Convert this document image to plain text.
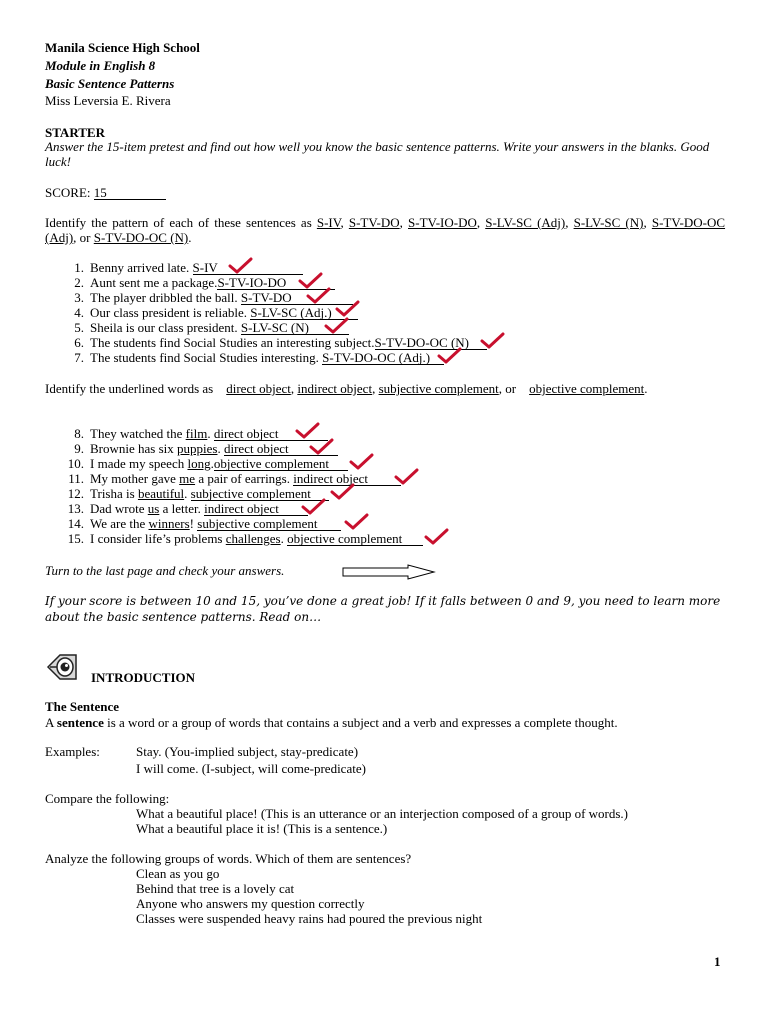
Manila Science High School
Module in English 8
Basic Sentence Patterns
Miss Leversia E. Rivera
STARTER
Answer the 15-item pretest and find out how well you know the basic sentence patterns. Write your answers in the blanks. Good luck!
SCORE: 15
Identify the pattern of each of these sentences as S-IV, S-TV-DO, S-TV-IO-DO, S-LV-SC (Adj), S-LV-SC (N), S-TV-DO-OC (Adj), or S-TV-DO-OC (N).
1. Benny arrived late. S-IV
2. Aunt sent me a package.S-TV-IO-DO
3. The player dribbled the ball. S-TV-DO
4. Our class president is reliable. S-LV-SC (Adj.)
5. Sheila is our class president. S-LV-SC (N)
6. The students find Social Studies an interesting subject.S-TV-DO-OC (N)
7. The students find Social Studies interesting. S-TV-DO-OC (Adj.)
Identify the underlined words as direct object, indirect object, subjective complement, or objective complement.
8. They watched the film. direct object
9. Brownie has six puppies. direct object
10. I made my speech long.objective complement
11. My mother gave me a pair of earrings. indirect object
12. Trisha is beautiful. subjective complement
13. Dad wrote us a letter. indirect object
14. We are the winners! subjective complement
15. I consider life’s problems challenges. objective complement
Turn to the last page and check your answers.
If your score is between 10 and 15, you’ve done a great job! If it falls between 0 and 9, you need to learn more about the basic sentence patterns. Read on…
INTRODUCTION
The Sentence
A sentence is a word or a group of words that contains a subject and a verb and expresses a complete thought.
Examples:	Stay. (You-implied subject, stay-predicate)
I will come. (I-subject, will come-predicate)
Compare the following:
What a beautiful place! (This is an utterance or an interjection composed of a group of words.)
What a beautiful place it is! (This is a sentence.)
Analyze the following groups of words. Which of them are sentences?
Clean as you go
Behind that tree is a lovely cat
Anyone who answers my question correctly
Classes were suspended heavy rains had poured the previous night
1
